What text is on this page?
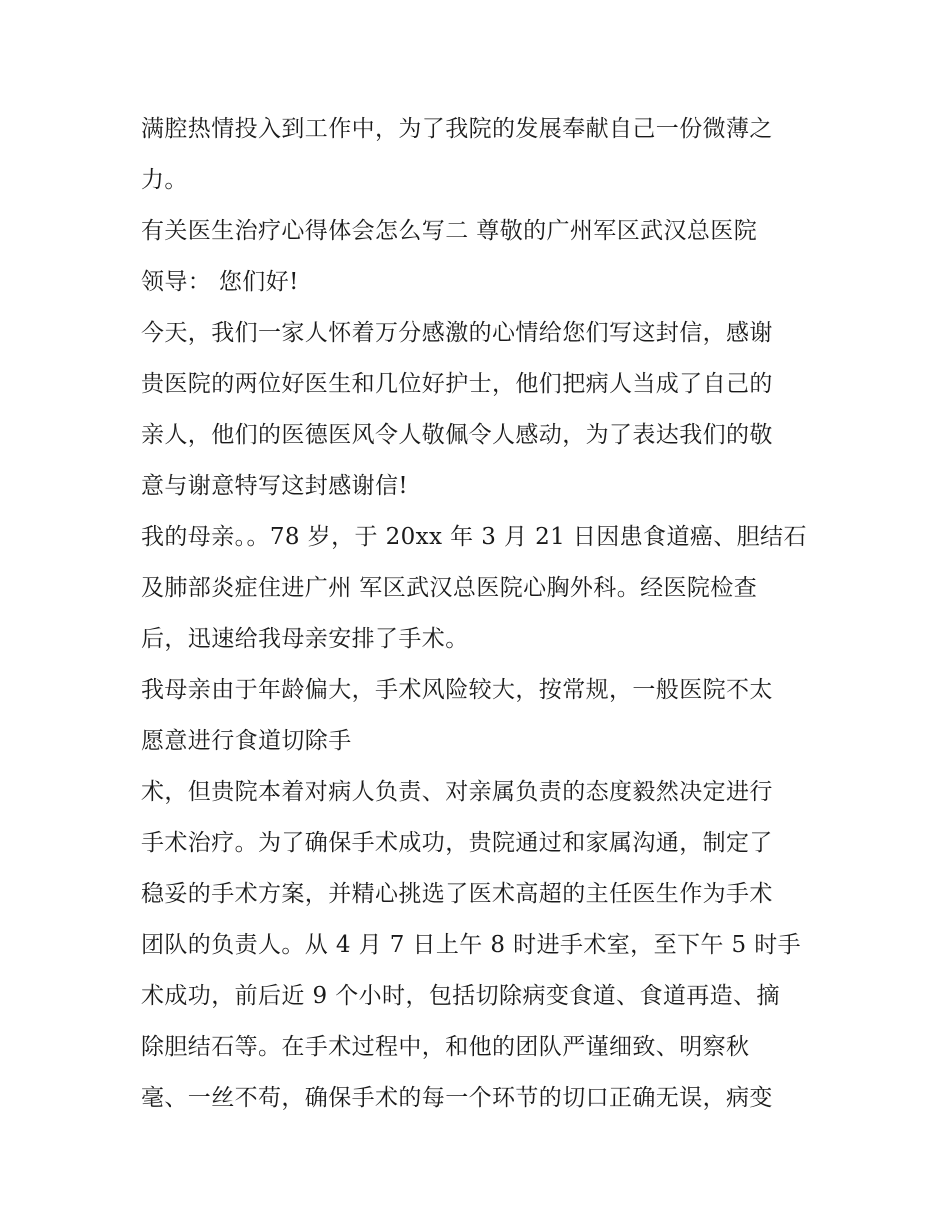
满腔热情投入到工作中，为了我院的发展奉献自己一份微薄之
力。
有关医生治疗心得体会怎么写二 尊敬的广州军区武汉总医院
领导： 您们好!
今天，我们一家人怀着万分感激的心情给您们写这封信，感谢
贵医院的两位好医生和几位好护士，他们把病人当成了自己的
亲人，他们的医德医风令人敬佩令人感动，为了表达我们的敬
意与谢意特写这封感谢信!
我的母亲。。78 岁，于 20xx 年 3 月 21 日因患食道癌、胆结石
及肺部炎症住进广州 军区武汉总医院心胸外科。经医院检查
后，迅速给我母亲安排了手术。
我母亲由于年龄偏大，手术风险较大，按常规，一般医院不太
愿意进行食道切除手
术，但贵院本着对病人负责、对亲属负责的态度毅然决定进行
手术治疗。为了确保手术成功，贵院通过和家属沟通，制定了
稳妥的手术方案，并精心挑选了医术高超的主任医生作为手术
团队的负责人。从 4 月 7 日上午 8 时进手术室，至下午 5 时手
术成功，前后近 9 个小时，包括切除病变食道、食道再造、摘
除胆结石等。在手术过程中，和他的团队严谨细致、明察秋
毫、一丝不苟，确保手术的每一个环节的切口正确无误，病变
